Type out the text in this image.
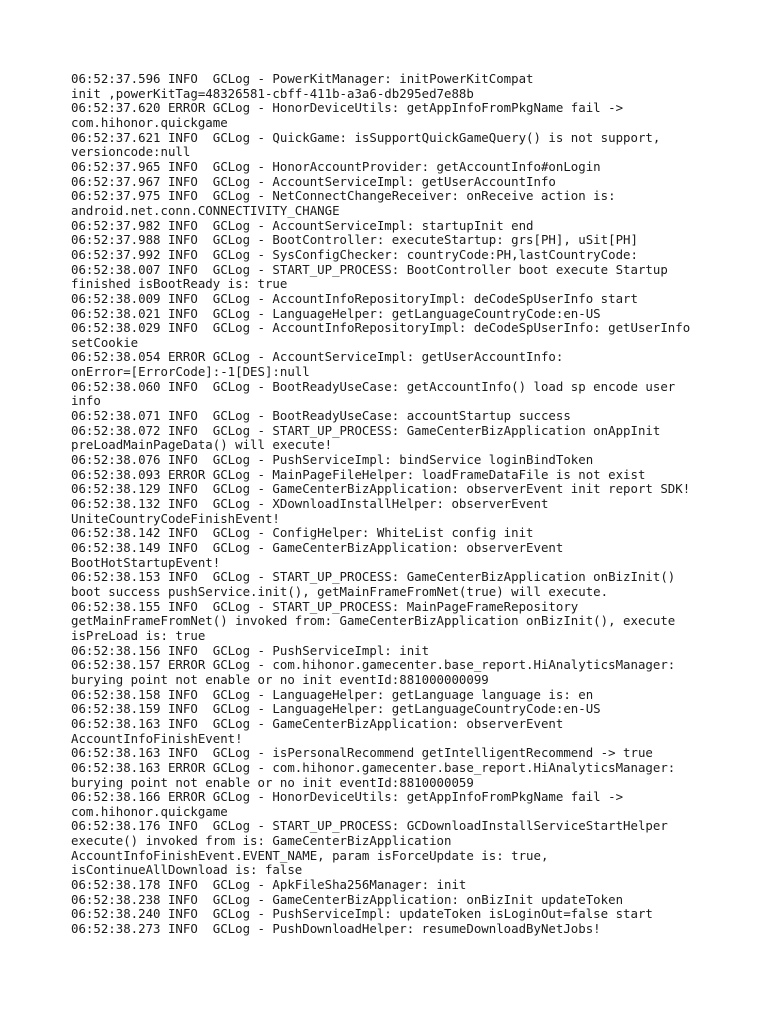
06:52:37.596 INFO  GCLog - PowerKitManager: initPowerKitCompat
init ,powerKitTag=48326581-cbff-411b-a3a6-db295ed7e88b
06:52:37.620 ERROR GCLog - HonorDeviceUtils: getAppInfoFromPkgName fail ->
com.hihonor.quickgame
06:52:37.621 INFO  GCLog - QuickGame: isSupportQuickGameQuery() is not support,
versioncode:null
06:52:37.965 INFO  GCLog - HonorAccountProvider: getAccountInfo#onLogin
06:52:37.967 INFO  GCLog - AccountServiceImpl: getUserAccountInfo
06:52:37.975 INFO  GCLog - NetConnectChangeReceiver: onReceive action is:
android.net.conn.CONNECTIVITY_CHANGE
06:52:37.982 INFO  GCLog - AccountServiceImpl: startupInit end
06:52:37.988 INFO  GCLog - BootController: executeStartup: grs[PH], uSit[PH]
06:52:37.992 INFO  GCLog - SysConfigChecker: countryCode:PH,lastCountryCode:
06:52:38.007 INFO  GCLog - START_UP_PROCESS: BootController boot execute Startup
finished isBootReady is: true
06:52:38.009 INFO  GCLog - AccountInfoRepositoryImpl: deCodeSpUserInfo start
06:52:38.021 INFO  GCLog - LanguageHelper: getLanguageCountryCode:en-US
06:52:38.029 INFO  GCLog - AccountInfoRepositoryImpl: deCodeSpUserInfo: getUserInfo
setCookie
06:52:38.054 ERROR GCLog - AccountServiceImpl: getUserAccountInfo:
onError=[ErrorCode]:-1[DES]:null
06:52:38.060 INFO  GCLog - BootReadyUseCase: getAccountInfo() load sp encode user
info
06:52:38.071 INFO  GCLog - BootReadyUseCase: accountStartup success
06:52:38.072 INFO  GCLog - START_UP_PROCESS: GameCenterBizApplication onAppInit
preLoadMainPageData() will execute!
06:52:38.076 INFO  GCLog - PushServiceImpl: bindService loginBindToken
06:52:38.093 ERROR GCLog - MainPageFileHelper: loadFrameDataFile is not exist
06:52:38.129 INFO  GCLog - GameCenterBizApplication: observerEvent init report SDK!
06:52:38.132 INFO  GCLog - XDownloadInstallHelper: observerEvent
UniteCountryCodeFinishEvent!
06:52:38.142 INFO  GCLog - ConfigHelper: WhiteList config init
06:52:38.149 INFO  GCLog - GameCenterBizApplication: observerEvent
BootHotStartupEvent!
06:52:38.153 INFO  GCLog - START_UP_PROCESS: GameCenterBizApplication onBizInit()
boot success pushService.init(), getMainFrameFromNet(true) will execute.
06:52:38.155 INFO  GCLog - START_UP_PROCESS: MainPageFrameRepository
getMainFrameFromNet() invoked from: GameCenterBizApplication onBizInit(), execute
isPreLoad is: true
06:52:38.156 INFO  GCLog - PushServiceImpl: init
06:52:38.157 ERROR GCLog - com.hihonor.gamecenter.base_report.HiAnalyticsManager:
burying point not enable or no init eventId:881000000099
06:52:38.158 INFO  GCLog - LanguageHelper: getLanguage language is: en
06:52:38.159 INFO  GCLog - LanguageHelper: getLanguageCountryCode:en-US
06:52:38.163 INFO  GCLog - GameCenterBizApplication: observerEvent
AccountInfoFinishEvent!
06:52:38.163 INFO  GCLog - isPersonalRecommend getIntelligentRecommend -> true
06:52:38.163 ERROR GCLog - com.hihonor.gamecenter.base_report.HiAnalyticsManager:
burying point not enable or no init eventId:8810000059
06:52:38.166 ERROR GCLog - HonorDeviceUtils: getAppInfoFromPkgName fail ->
com.hihonor.quickgame
06:52:38.176 INFO  GCLog - START_UP_PROCESS: GCDownloadInstallServiceStartHelper
execute() invoked from is: GameCenterBizApplication
AccountInfoFinishEvent.EVENT_NAME, param isForceUpdate is: true,
isContinueAllDownload is: false
06:52:38.178 INFO  GCLog - ApkFileSha256Manager: init
06:52:38.238 INFO  GCLog - GameCenterBizApplication: onBizInit updateToken
06:52:38.240 INFO  GCLog - PushServiceImpl: updateToken isLoginOut=false start
06:52:38.273 INFO  GCLog - PushDownloadHelper: resumeDownloadByNetJobs!
